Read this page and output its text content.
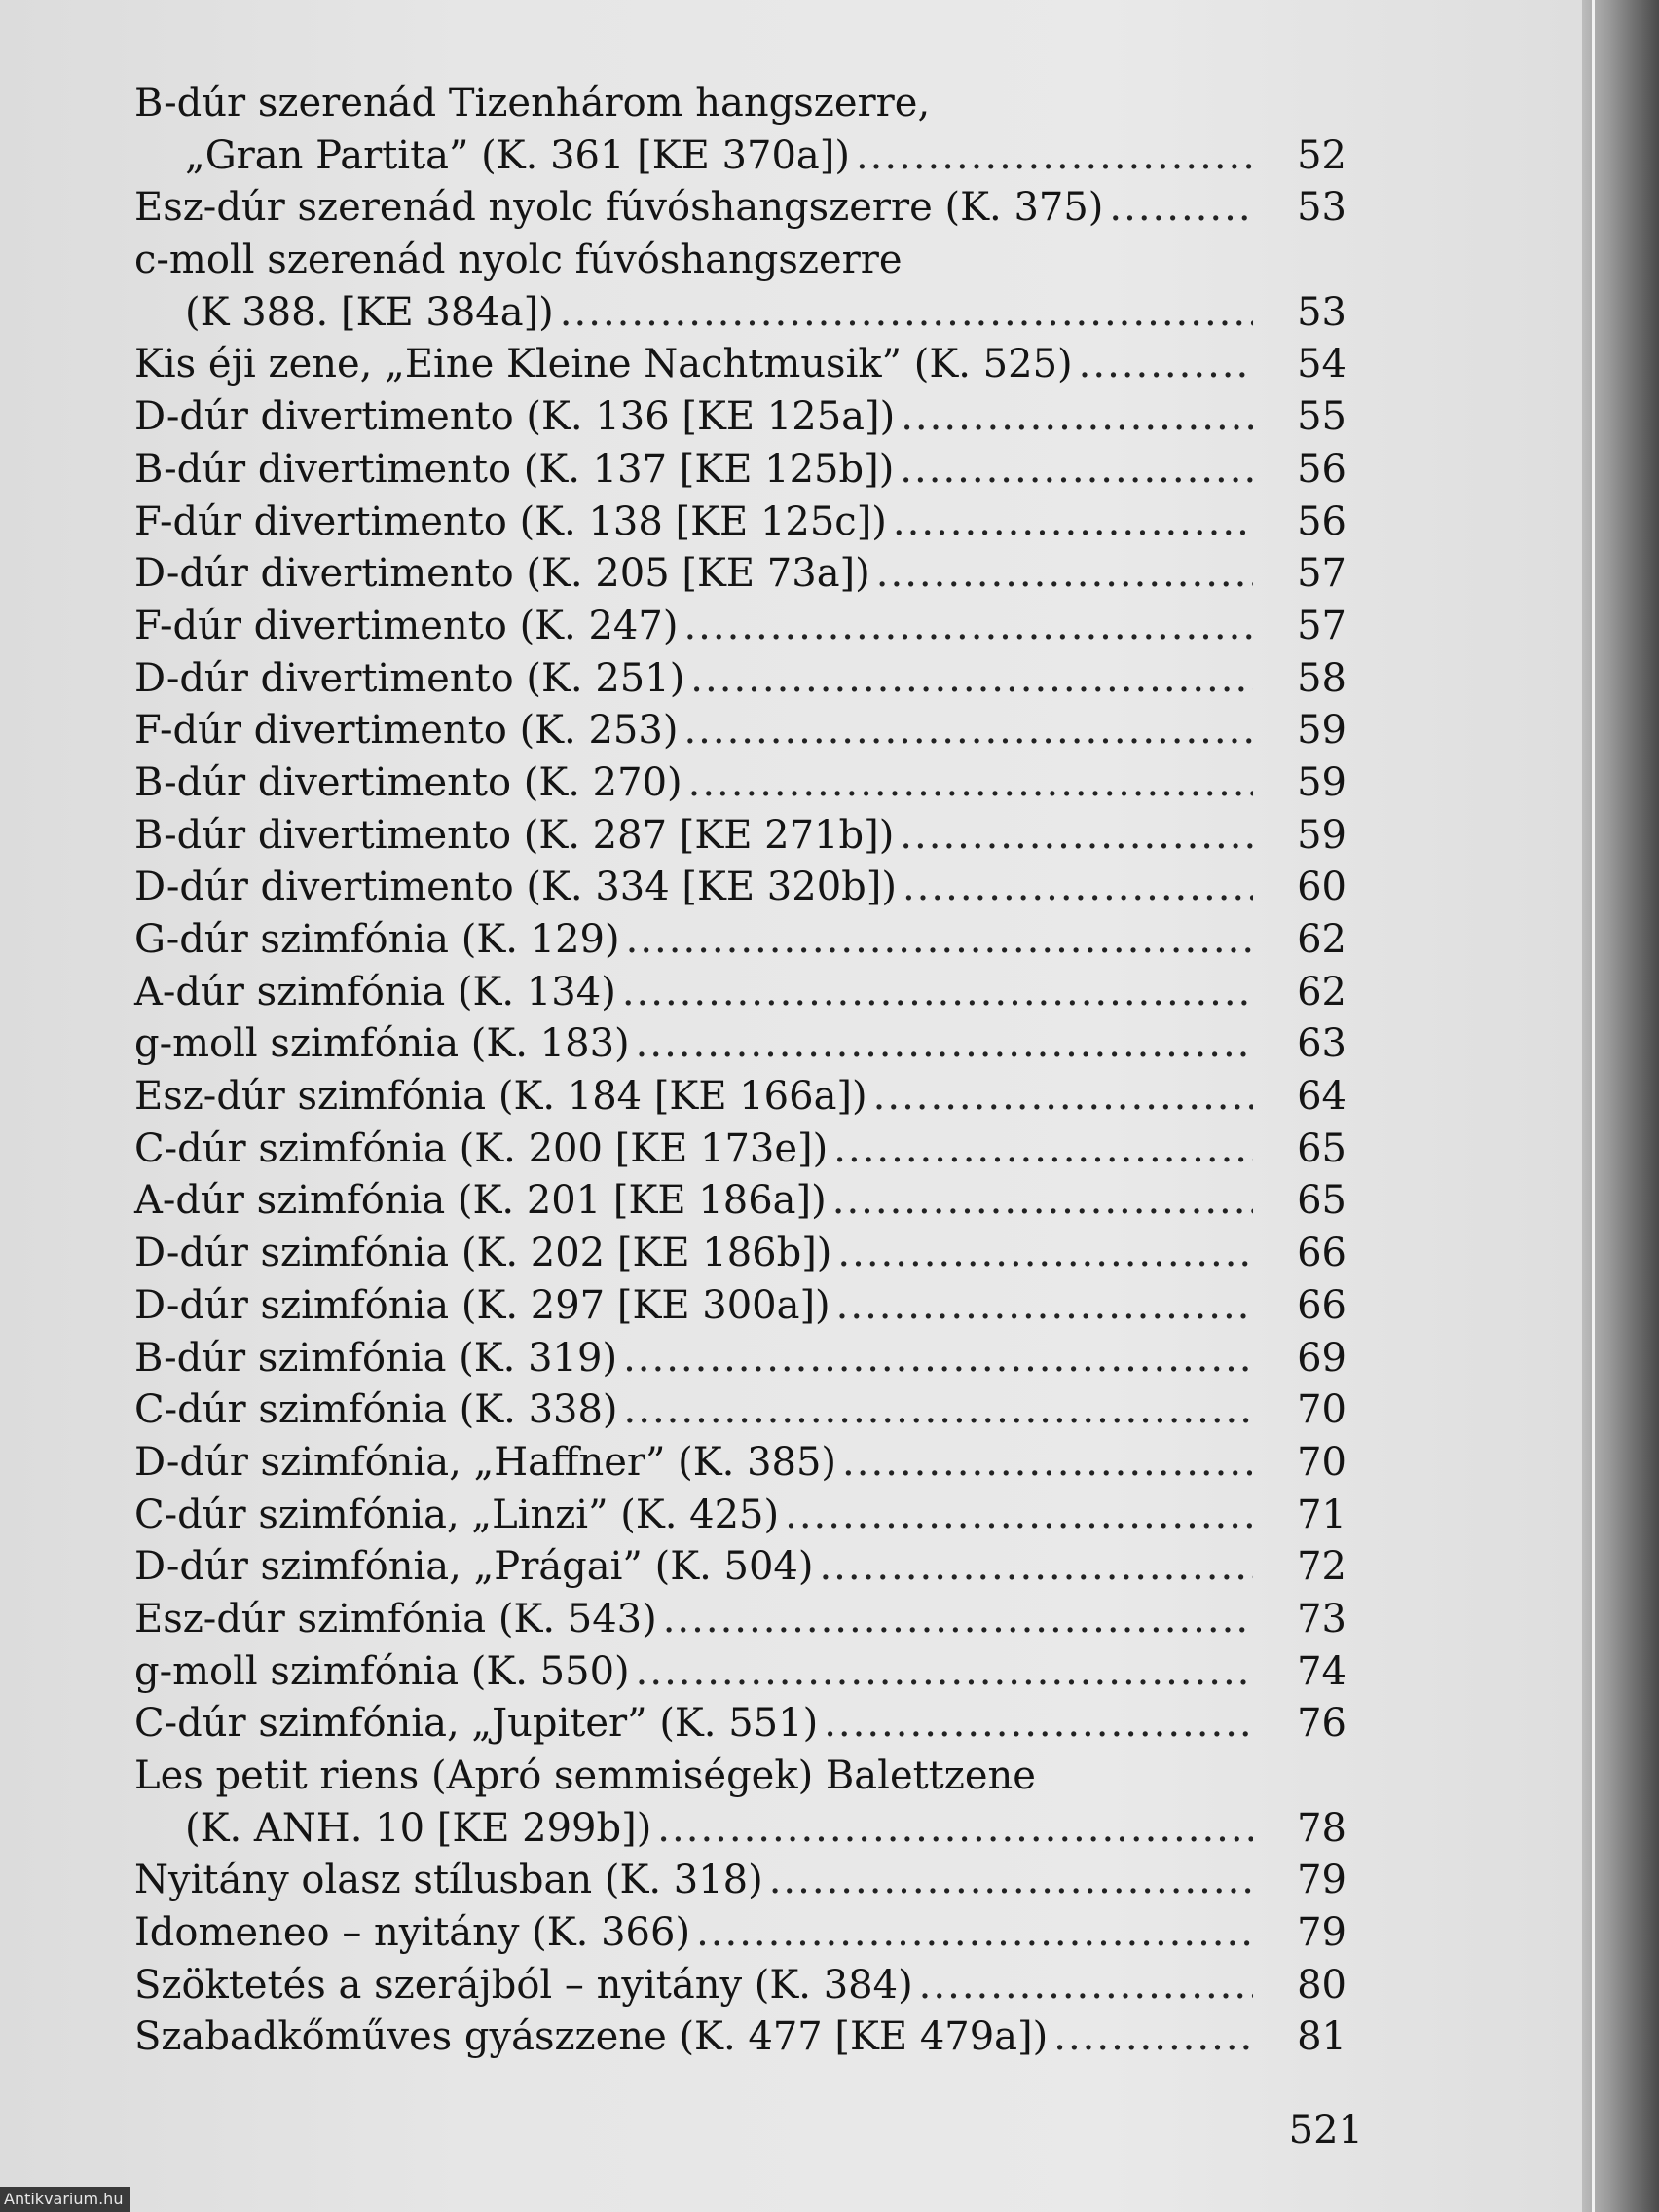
B-dúr szerenád Tizenhárom hangszerre,
„Gran Partita” (K. 361 [KE 370a]) .....	52
Esz-dúr szerenád nyolc fúvóshangszerre (K. 375) .....	53
c-moll szerenád nyolc fúvóshangszerre
(K 388. [KE 384a]) .....	53
Kis éji zene, „Eine Kleine Nachtmusik” (K. 525) .....	54
D-dúr divertimento (K. 136 [KE 125a]) .....	55
B-dúr divertimento (K. 137 [KE 125b]) .....	56
F-dúr divertimento (K. 138 [KE 125c]) .....	56
D-dúr divertimento (K. 205 [KE 73a]) .....	57
F-dúr divertimento (K. 247) .....	57
D-dúr divertimento (K. 251) .....	58
F-dúr divertimento (K. 253) .....	59
B-dúr divertimento (K. 270) .....	59
B-dúr divertimento (K. 287 [KE 271b]) .....	59
D-dúr divertimento (K. 334 [KE 320b]) .....	60
G-dúr szimfónia (K. 129) .....	62
A-dúr szimfónia (K. 134) .....	62
g-moll szimfónia (K. 183) .....	63
Esz-dúr szimfónia (K. 184 [KE 166a]) .....	64
C-dúr szimfónia (K. 200 [KE 173e]) .....	65
A-dúr szimfónia (K. 201 [KE 186a]) .....	65
D-dúr szimfónia (K. 202 [KE 186b]) .....	66
D-dúr szimfónia (K. 297 [KE 300a]) .....	66
B-dúr szimfónia (K. 319) .....	69
C-dúr szimfónia (K. 338) .....	70
D-dúr szimfónia, „Haffner” (K. 385) .....	70
C-dúr szimfónia, „Linzi” (K. 425) .....	71
D-dúr szimfónia, „Prágai” (K. 504) .....	72
Esz-dúr szimfónia (K. 543) .....	73
g-moll szimfónia (K. 550) .....	74
C-dúr szimfónia, „Jupiter” (K. 551) .....	76
Les petit riens (Apró semmiségek) Balettzene
(K. ANH. 10 [KE 299b]) .....	78
Nyitány olasz stílusban (K. 318) .....	79
Idomeneo – nyitány (K. 366) .....	79
Szöktetés a szerájból – nyitány (K. 384) .....	80
Szabadkőműves gyászzene (K. 477 [KE 479a]) .....	81
521
Antikvarium.hu
